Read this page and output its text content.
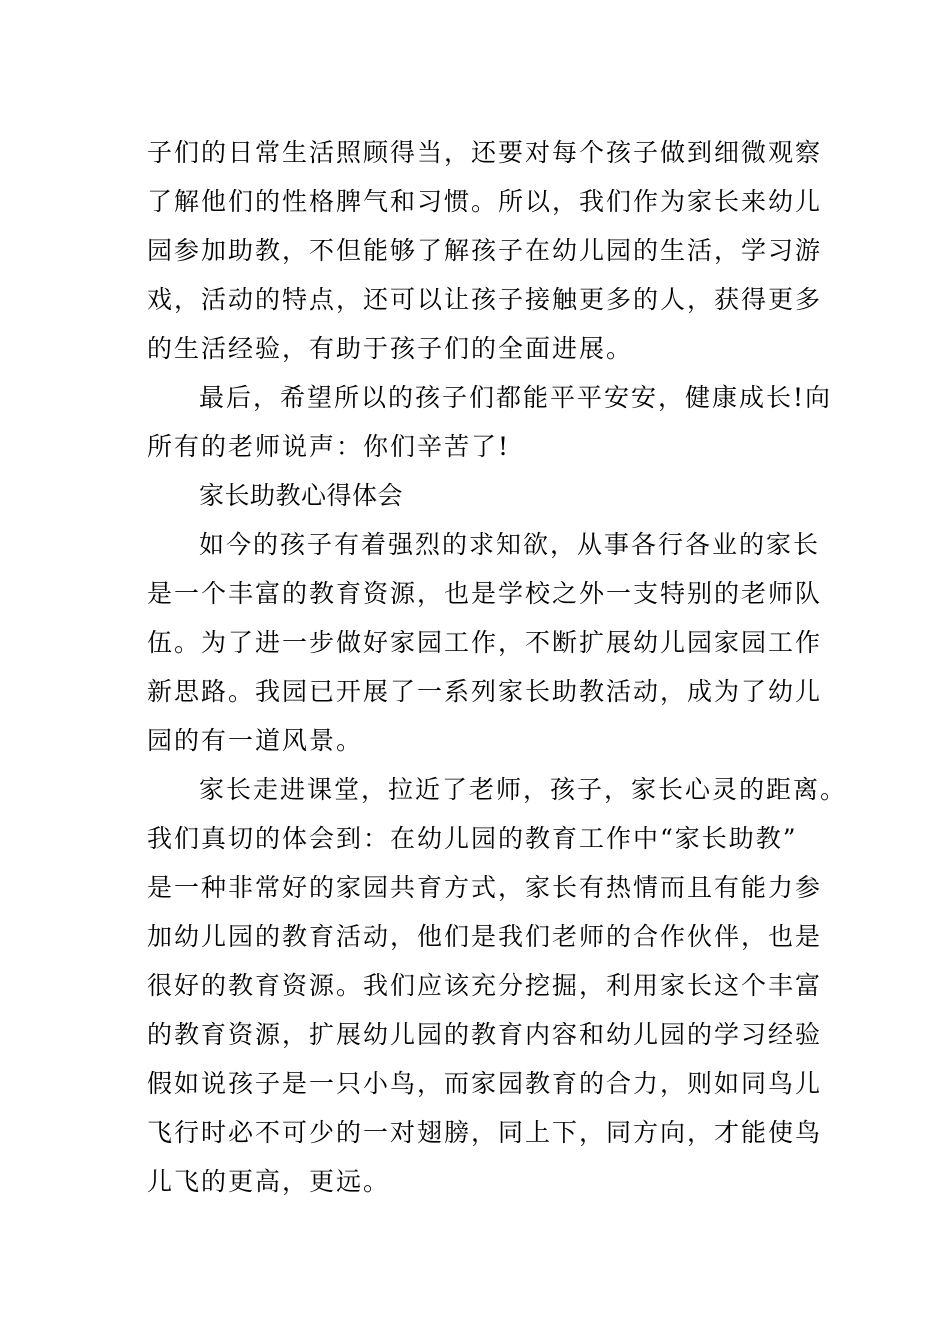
子们的日常生活照顾得当，还要对每个孩子做到细微观察
了解他们的性格脾气和习惯。所以，我们作为家长来幼儿
园参加助教，不但能够了解孩子在幼儿园的生活，学习游
戏，活动的特点，还可以让孩子接触更多的人，获得更多
的生活经验，有助于孩子们的全面进展。
最后，希望所以的孩子们都能平平安安，健康成长!向
所有的老师说声：你们辛苦了!
家长助教心得体会
如今的孩子有着强烈的求知欲，从事各行各业的家长
是一个丰富的教育资源，也是学校之外一支特别的老师队
伍。为了进一步做好家园工作，不断扩展幼儿园家园工作
新思路。我园已开展了一系列家长助教活动，成为了幼儿
园的有一道风景。
家长走进课堂，拉近了老师，孩子，家长心灵的距离。
我们真切的体会到：在幼儿园的教育工作中“家长助教”
是一种非常好的家园共育方式，家长有热情而且有能力参
加幼儿园的教育活动，他们是我们老师的合作伙伴，也是
很好的教育资源。我们应该充分挖掘，利用家长这个丰富
的教育资源，扩展幼儿园的教育内容和幼儿园的学习经验
假如说孩子是一只小鸟，而家园教育的合力，则如同鸟儿
飞行时必不可少的一对翅膀，同上下，同方向，才能使鸟
儿飞的更高，更远。
